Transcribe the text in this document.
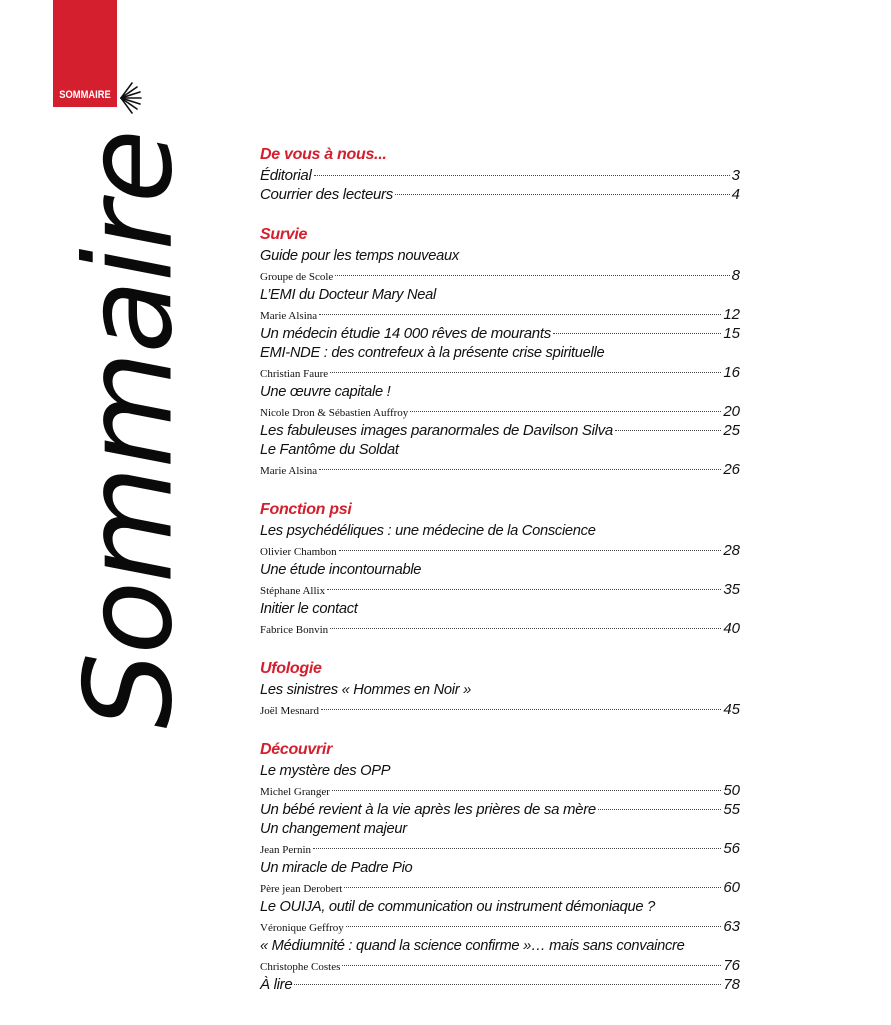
SOMMAIRE
Sommaire	De vous à nous...
Éditorial	3
Courrier des lecteurs	4
Survie
Guide pour les temps nouveaux
Groupe de Scole	8
L’EMI du Docteur Mary Neal
Marie Alsina	12
Un médecin étudie 14 000 rêves de mourants	15
EMI-NDE : des contrefeux à la présente crise spirituelle
Christian Faure	16
Une œuvre capitale !
Nicole Dron & Sébastien Auffroy	20
Les fabuleuses images paranormales de Davilson Silva	25
Le Fantôme du Soldat
Marie Alsina	26
Fonction psi
Les psychédéliques : une médecine de la Conscience
Olivier Chambon	28
Une étude incontournable
Stéphane Allix	35
Initier le contact
Fabrice Bonvin	40
Ufologie
Les sinistres « Hommes en Noir »
Joël Mesnard	45
Découvrir
Le mystère des OPP
Michel Granger	50
Un bébé revient à la vie après les prières de sa mère	55
Un changement majeur
Jean Pernin	56
Un miracle de Padre Pio
Père jean Derobert	60
Le OUIJA, outil de communication ou instrument démoniaque ?
Véronique Geffroy	63
« Médiumnité : quand la science confirme »… mais sans convaincre
Christophe Costes	76
À lire	78
